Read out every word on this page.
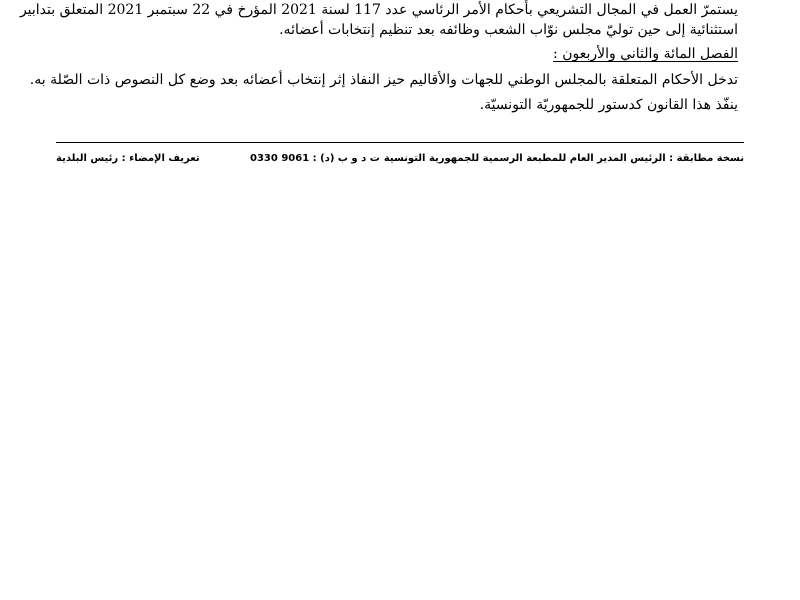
يستمرّ العمل في المجال التشريعي بأحكام الأمر الرئاسي عدد 117 لسنة 2021 المؤرخ في 22 سبتمبر 2021 المتعلق بتدابير
استثنائية إلى حين توليّ مجلس نوّاب الشعب وظائفه بعد تنظيم إنتخابات أعضائه.
الفصل المائة والثاني والأربعون :
تدخل الأحكام المتعلقة بالمجلس الوطني للجهات والأقاليم حيز النفاذ إثر إنتخاب أعضائه بعد وضع كل النصوص ذات الصّلة به.
ينفّذ هذا القانون كدستور للجمهوريّة التونسيّة.
نسخة مطابقة : الرئيس المدير العام للمطبعة الرسمية للجمهورية التونسية
ت د و ب (د) : 9061 0330
تعريف الإمضاء : رئيس البلدية
